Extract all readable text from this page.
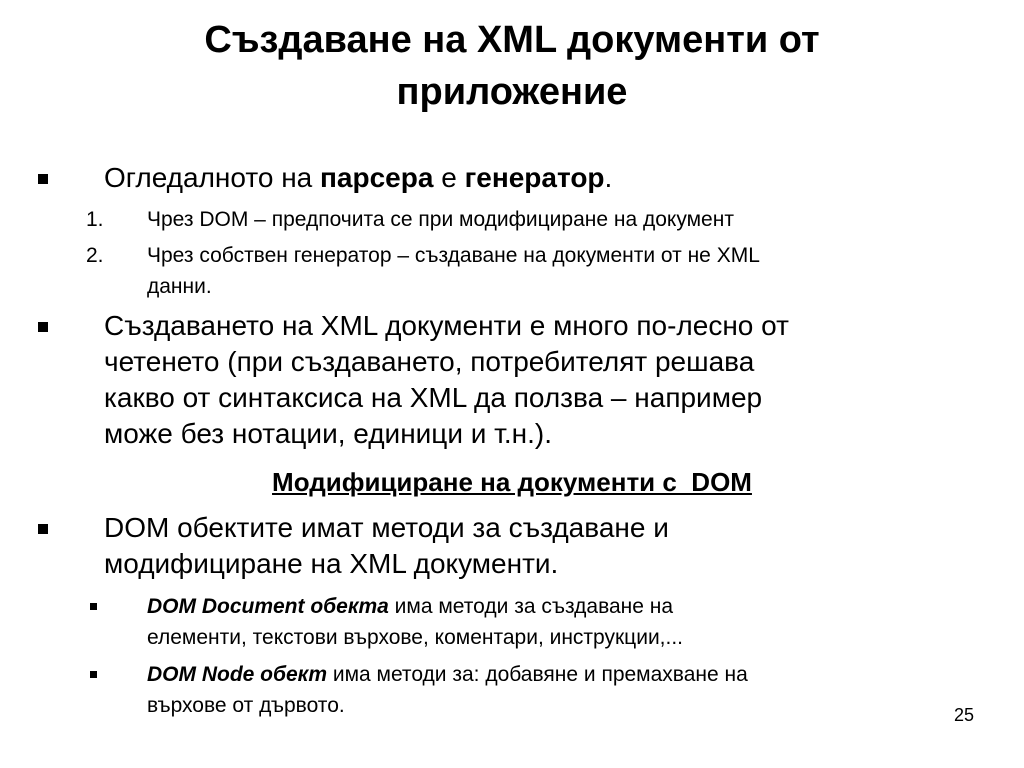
Създаване на XML документи от
приложение
Огледалното на парсера е генератор.
1. Чрез DOM – предпочита се при модифициране на документ
2. Чрез собствен генератор – създаване на документи от не XML
данни.
Създаването на XML документи е много по-лесно от
четенето (при създаването, потребителят решава
какво от синтаксиса на XML да ползва – например
може без нотации, единици и т.н.).
Модифициране на документи с  DOM
DOM обектите имат методи за създаване и
модифициране на XML документи.
DOM Document обекта има методи за създаване на
елементи, текстови върхове, коментари, инструкции,...
DOM Node обект има методи за: добавяне и премахване на
върхове от дървото.	25
